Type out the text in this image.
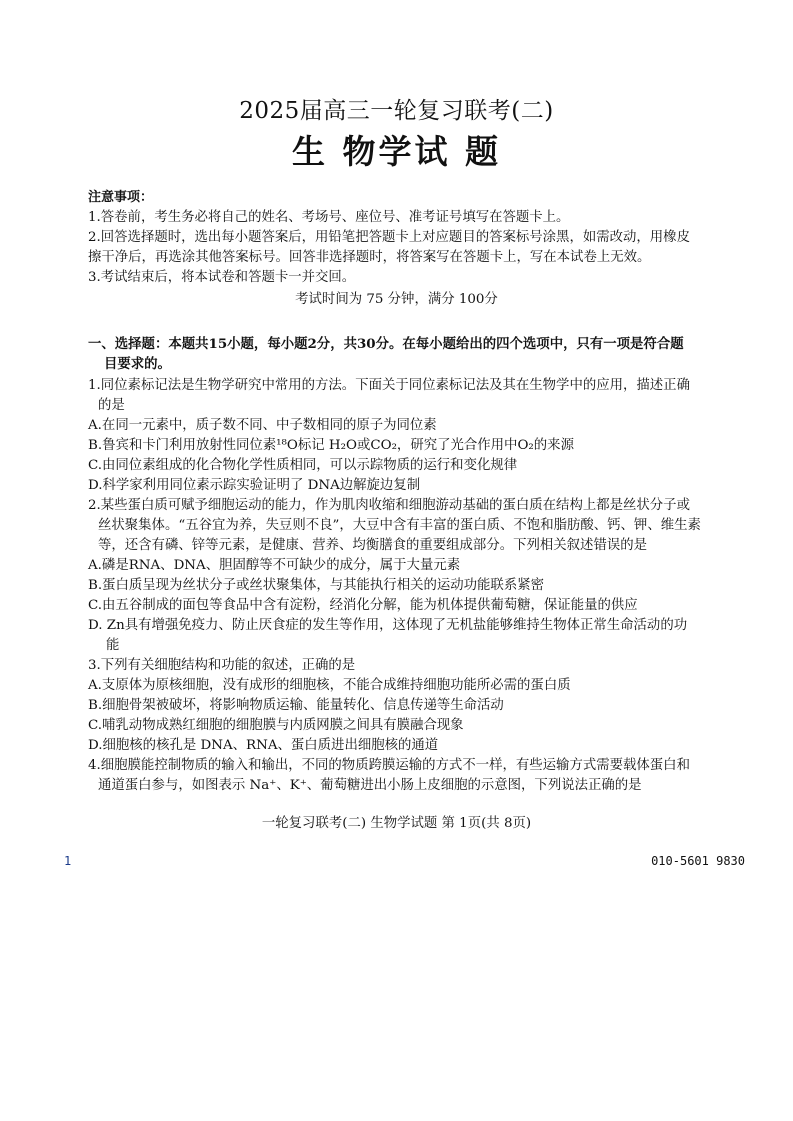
2025届高三一轮复习联考(二)
生 物学试 题
注意事项：
1.答卷前，考生务必将自己的姓名、考场号、座位号、准考证号填写在答题卡上。
2.回答选择题时，选出每小题答案后，用铅笔把答题卡上对应题目的答案标号涂黑，如需改动，用橡皮
擦干净后，再选涂其他答案标号。回答非选择题时，将答案写在答题卡上，写在本试卷上无效。
3.考试结束后，将本试卷和答题卡一并交回。
考试时间为 75 分钟，满分 100分
一、选择题：本题共15小题，每小题2分，共30分。在每小题给出的四个选项中，只有一项是符合题
目要求的。
1.同位素标记法是生物学研究中常用的方法。下面关于同位素标记法及其在生物学中的应用，描述正确
的是
A.在同一元素中，质子数不同、中子数相同的原子为同位素
B.鲁宾和卡门利用放射性同位素¹⁸O标记 H₂O或CO₂，研究了光合作用中O₂的来源
C.由同位素组成的化合物化学性质相同，可以示踪物质的运行和变化规律
D.科学家利用同位素示踪实验证明了 DNA边解旋边复制
2.某些蛋白质可赋予细胞运动的能力，作为肌肉收缩和细胞游动基础的蛋白质在结构上都是丝状分子或
丝状聚集体。“五谷宜为养，失豆则不良”，大豆中含有丰富的蛋白质、不饱和脂肪酸、钙、钾、维生素
等，还含有磷、锌等元素，是健康、营养、均衡膳食的重要组成部分。下列相关叙述错误的是
A.磷是RNA、DNA、胆固醇等不可缺少的成分，属于大量元素
B.蛋白质呈现为丝状分子或丝状聚集体，与其能执行相关的运动功能联系紧密
C.由五谷制成的面包等食品中含有淀粉，经消化分解，能为机体提供葡萄糖，保证能量的供应
D. Zn具有增强免疫力、防止厌食症的发生等作用，这体现了无机盐能够维持生物体正常生命活动的功
能
3.下列有关细胞结构和功能的叙述，正确的是
A.支原体为原核细胞，没有成形的细胞核，不能合成维持细胞功能所必需的蛋白质
B.细胞骨架被破坏，将影响物质运输、能量转化、信息传递等生命活动
C.哺乳动物成熟红细胞的细胞膜与内质网膜之间具有膜融合现象
D.细胞核的核孔是 DNA、RNA、蛋白质进出细胞核的通道
4.细胞膜能控制物质的输入和输出，不同的物质跨膜运输的方式不一样，有些运输方式需要载体蛋白和
通道蛋白参与，如图表示 Na⁺、K⁺、葡萄糖进出小肠上皮细胞的示意图，下列说法正确的是
一轮复习联考(二) 生物学试题 第 1页(共 8页)
1	010-5601 9830
